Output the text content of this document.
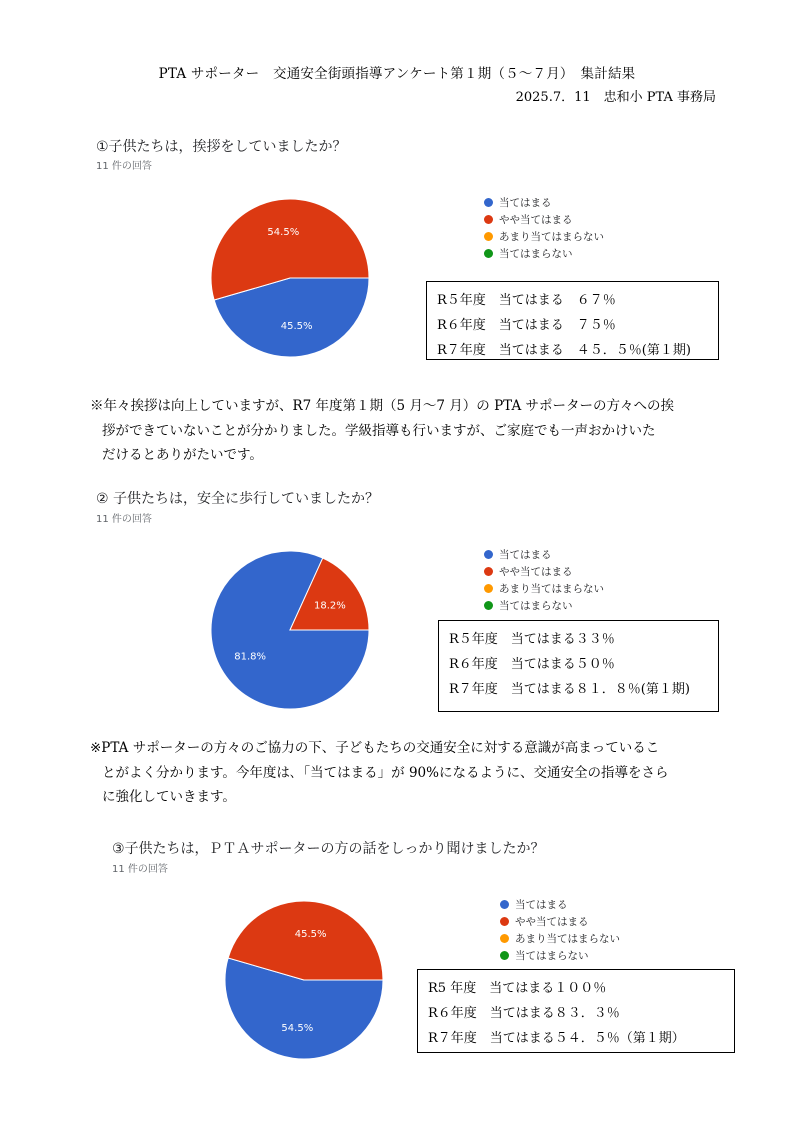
PTA サポーター　交通安全街頭指導アンケート第１期（５～７月）　集計結果
2025.7．11　忠和小 PTA 事務局
①子供たちは，挨拶をしていましたか？
11 件の回答
45.5%
54.5%
当てはまる
やや当てはまる
あまり当てはまらない
当てはまらない
R５年度　当てはまる　６７％
R６年度　当てはまる　７５％
R７年度　当てはまる　４５．５％(第１期)
※年々挨拶は向上していますが、R7 年度第１期（5 月～7 月）の PTA サポーターの方々への挨
拶ができていないことが分かりました。学級指導も行いますが、ご家庭でも一声おかけいた
だけるとありがたいです。
② 子供たちは，安全に歩行していましたか？
11 件の回答
81.8%
18.2%
当てはまる
やや当てはまる
あまり当てはまらない
当てはまらない
R５年度　当てはまる３３％
R６年度　当てはまる５０％
R７年度　当てはまる８１．８％(第１期)
※PTA サポーターの方々のご協力の下、子どもたちの交通安全に対する意識が高まっているこ
とがよく分かります。今年度は､「当てはまる」が 90%になるように、交通安全の指導をさら
に強化していきます。
③子供たちは，ＰＴＡサポーターの方の話をしっかり聞けましたか？
11 件の回答
54.5%
45.5%
当てはまる
やや当てはまる
あまり当てはまらない
当てはまらない
R5 年度　当てはまる１００％
R６年度　当てはまる８３．３％
R７年度　当てはまる５４．５％（第１期）
